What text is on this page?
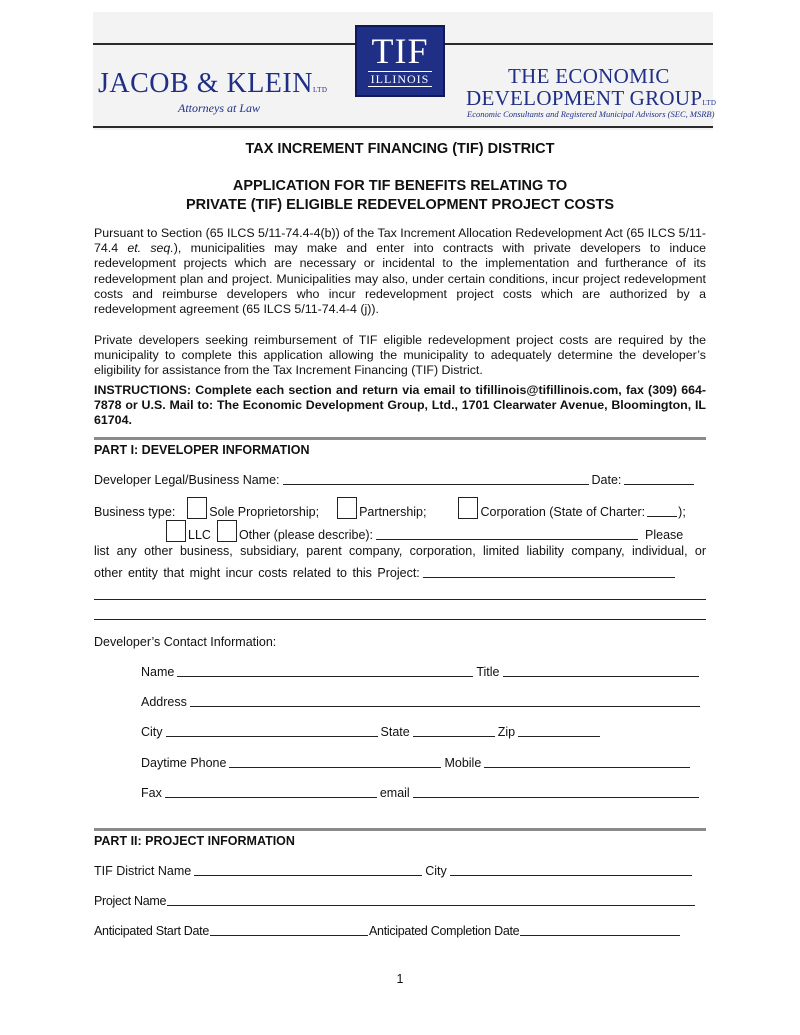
TIF
ILLINOIS
JACOB & KLEINLTD
Attorneys at Law
THE ECONOMIC
DEVELOPMENT GROUPLTD
Economic Consultants and Registered Municipal Advisors (SEC, MSRB)
TAX INCREMENT FINANCING (TIF) DISTRICT
APPLICATION FOR TIF BENEFITS RELATING TO
PRIVATE (TIF) ELIGIBLE REDEVELOPMENT PROJECT COSTS
Pursuant to Section (65 ILCS 5/11-74.4-4(b)) of the Tax Increment Allocation Redevelopment Act (65 ILCS 5/11-74.4 et. seq.), municipalities may make and enter into contracts with private developers to induce redevelopment projects which are necessary or incidental to the implementation and furtherance of its redevelopment plan and project. Municipalities may also, under certain conditions, incur project redevelopment costs and reimburse developers who incur redevelopment project costs which are authorized by a redevelopment agreement (65 ILCS 5/11-74.4-4 (j)).
Private developers seeking reimbursement of TIF eligible redevelopment project costs are required by the municipality to complete this application allowing the municipality to adequately determine the developer’s eligibility for assistance from the Tax Increment Financing (TIF) District.
INSTRUCTIONS: Complete each section and return via email to tifillinois@tifillinois.com, fax (309) 664-7878 or U.S. Mail to: The Economic Development Group, Ltd., 1701 Clearwater Avenue, Bloomington, IL 61704.
PART I: DEVELOPER INFORMATION
Developer Legal/Business Name:	Date:
Business type:	Sole Proprietorship;	Partnership;	Corporation (State of Charter:	);
LLC Other (please describe):	Please
list any other business, subsidiary, parent company, corporation, limited liability company, individual, or
other entity that might incur costs related to this Project:
Developer’s Contact Information:
Name	Title
Address
City	State	Zip
Daytime Phone	Mobile
Fax	email
PART II: PROJECT INFORMATION
TIF District Name	City
Project Name
Anticipated Start Date	Anticipated Completion Date
1
